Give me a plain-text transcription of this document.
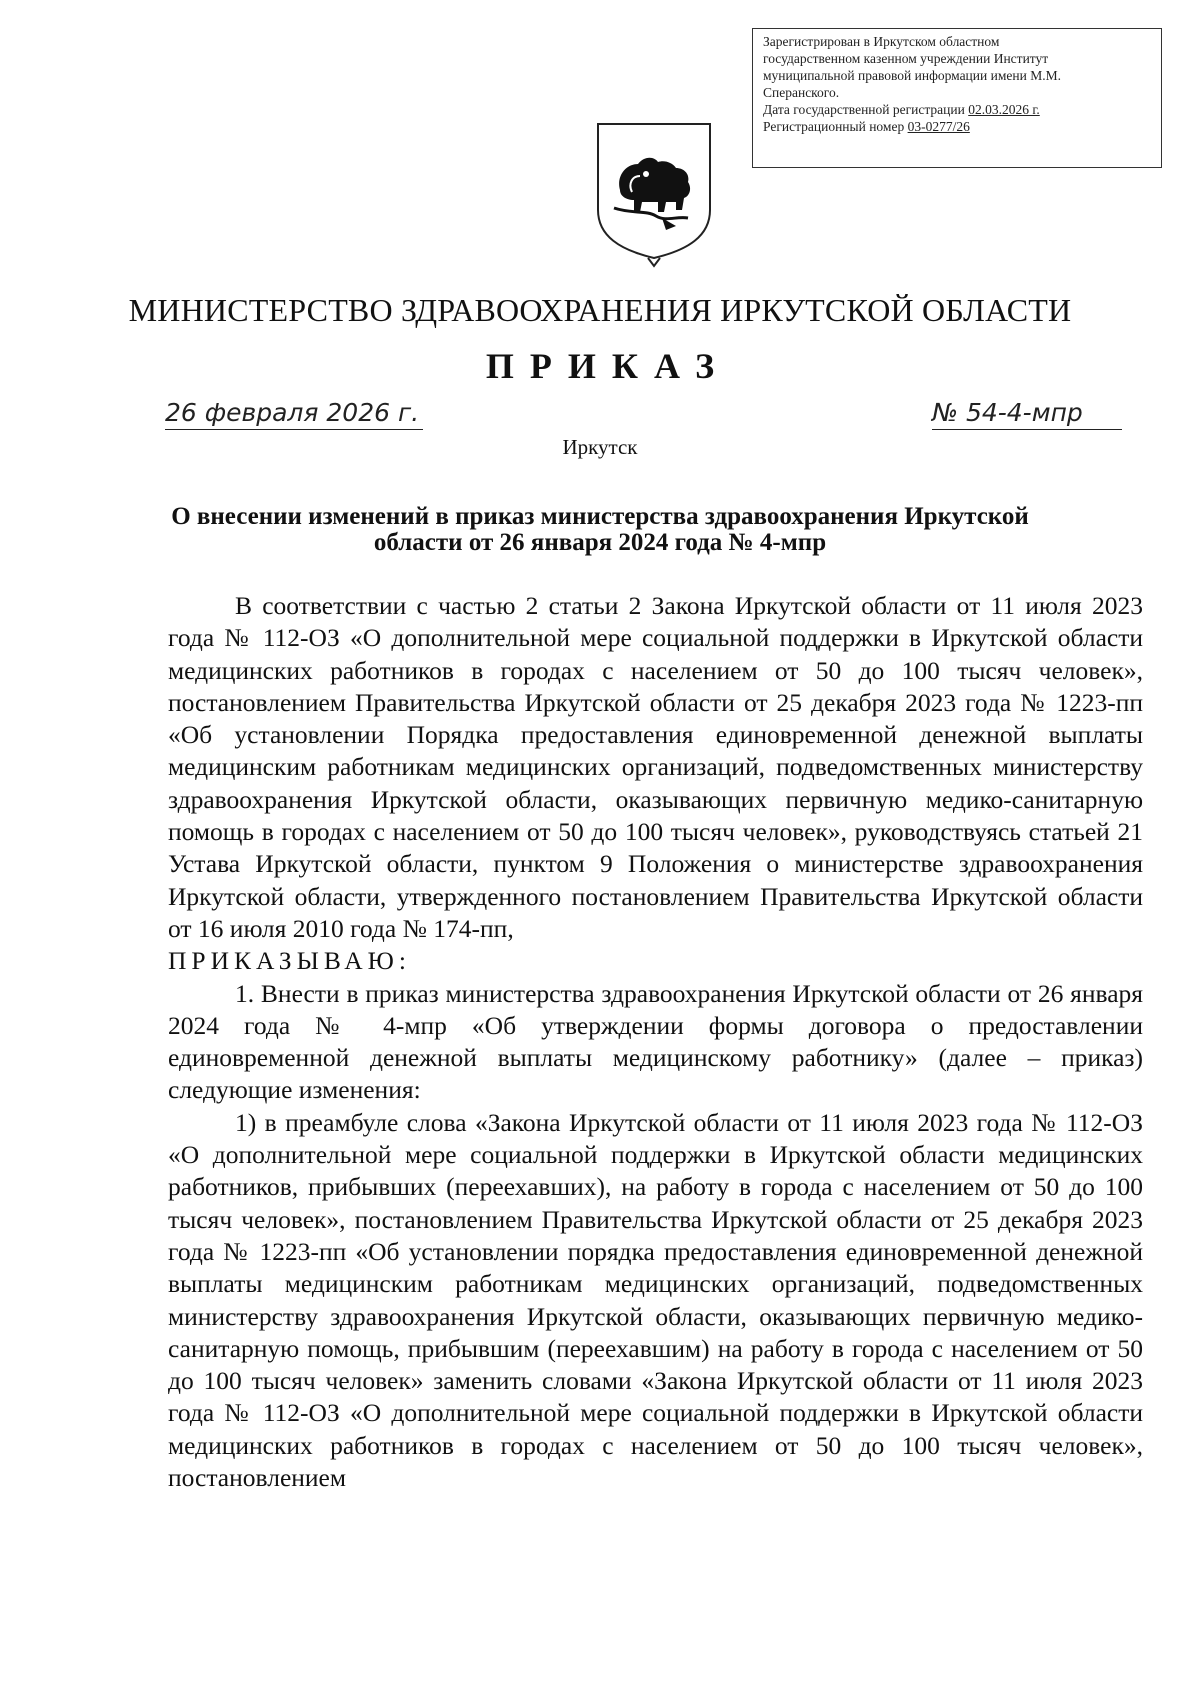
Зарегистрирован в Иркутском областном
государственном казенном учреждении Институт
муниципальной правовой информации имени М.М.
Сперанского.
Дата государственной регистрации 02.03.2026 г.
Регистрационный номер 03-0277/26
МИНИСТЕРСТВО ЗДРАВООХРАНЕНИЯ ИРКУТСКОЙ ОБЛАСТИ
ПРИКАЗ
26 февраля 2026 г.	№ 54-4-мпр
Иркутск
О внесении изменений в приказ министерства здравоохранения Иркутской области от 26 января 2024 года № 4-мпр

В соответствии с частью 2 статьи 2 Закона Иркутской области от 11 июля 2023 года № 112-ОЗ «О дополнительной мере социальной поддержки в Иркутской области медицинских работников в городах с населением от 50 до 100 тысяч человек», постановлением Правительства Иркутской области от 25 декабря 2023 года № 1223-пп «Об установлении Порядка предоставления единовременной денежной выплаты медицинским работникам медицинских организаций, подведомственных министерству здравоохранения Иркутской области, оказывающих первичную медико-санитарную помощь в городах с населением от 50 до 100 тысяч человек», руководствуясь статьей 21 Устава Иркутской области, пунктом 9 Положения о министерстве здравоохранения Иркутской области, утвержденного постановлением Правительства Иркутской области от 16 июля 2010 года № 174-пп,

ПРИКАЗЫВАЮ:

1. Внести в приказ министерства здравоохранения Иркутской области от 26 января 2024 года № 4-мпр «Об утверждении формы договора о предоставлении единовременной денежной выплаты медицинскому работнику» (далее – приказ) следующие изменения:

1) в преамбуле слова «Закона Иркутской области от 11 июля 2023 года № 112-ОЗ «О дополнительной мере социальной поддержки в Иркутской области медицинских работников, прибывших (переехавших), на работу в города с населением от 50 до 100 тысяч человек», постановлением Правительства Иркутской области от 25 декабря 2023 года № 1223-пп «Об установлении порядка предоставления единовременной денежной выплаты медицинским работникам медицинских организаций, подведомственных министерству здравоохранения Иркутской области, оказывающих первичную медико-санитарную помощь, прибывшим (переехавшим) на работу в города с населением от 50 до 100 тысяч человек» заменить словами «Закона Иркутской области от 11 июля 2023 года № 112-ОЗ «О дополнительной мере социальной поддержки в Иркутской области медицинских работников в городах с населением от 50 до 100 тысяч человек», постановлением
